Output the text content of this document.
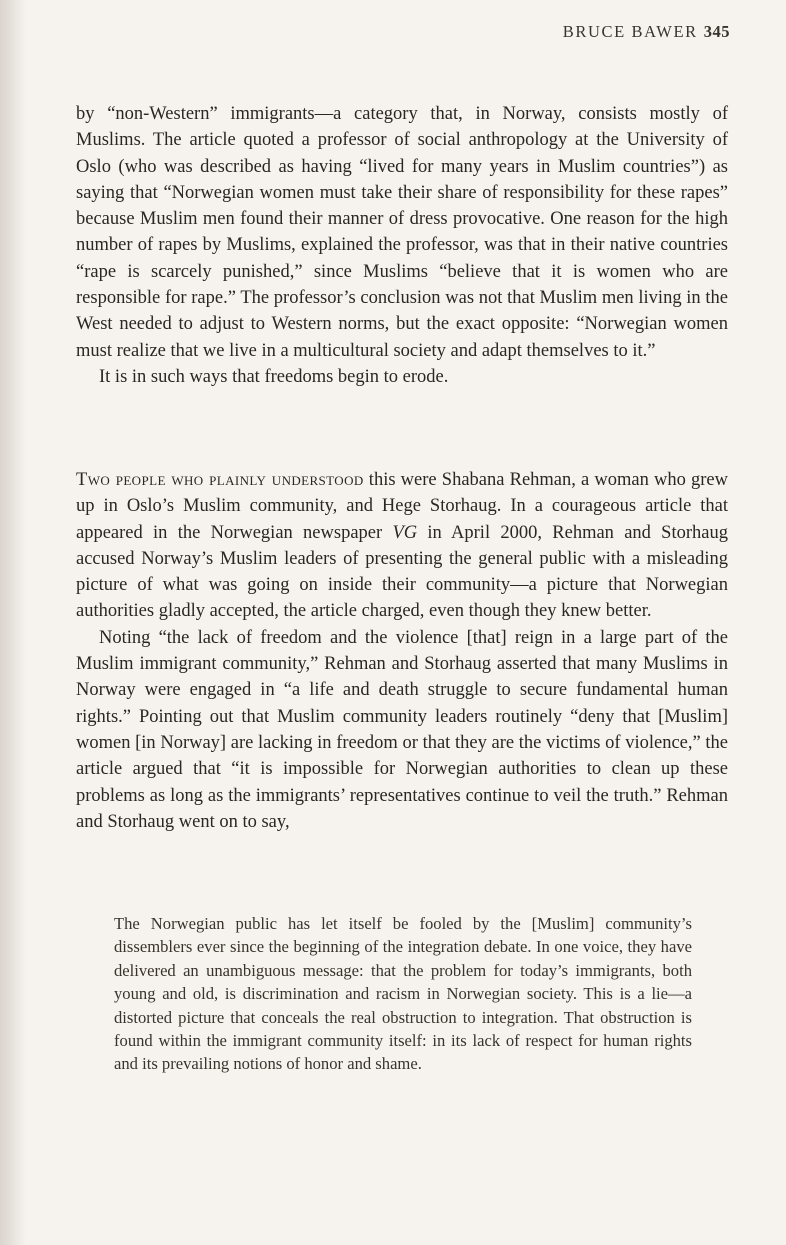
BRUCE BAWER 345

by “non-Western” immigrants—a category that, in Norway, consists mostly of Muslims. The article quoted a professor of social anthropology at the University of Oslo (who was described as having “lived for many years in Muslim countries”) as saying that “Norwegian women must take their share of responsibility for these rapes” because Muslim men found their manner of dress provocative. One reason for the high number of rapes by Muslims, explained the professor, was that in their native countries “rape is scarcely punished,” since Muslims “believe that it is women who are responsible for rape.” The professor’s conclusion was not that Muslim men living in the West needed to adjust to Western norms, but the exact opposite: “Norwegian women must realize that we live in a multicultural society and adapt themselves to it.”

It is in such ways that freedoms begin to erode.

Two people who plainly understood this were Shabana Rehman, a woman who grew up in Oslo’s Muslim community, and Hege Storhaug. In a courageous article that appeared in the Norwegian newspaper VG in April 2000, Rehman and Storhaug accused Norway’s Muslim leaders of presenting the general public with a misleading picture of what was going on inside their community—a picture that Norwegian authorities gladly accepted, the article charged, even though they knew better.

Noting “the lack of freedom and the violence [that] reign in a large part of the Muslim immigrant community,” Rehman and Storhaug asserted that many Muslims in Norway were engaged in “a life and death struggle to secure fundamental human rights.” Pointing out that Muslim community leaders routinely “deny that [Muslim] women [in Norway] are lacking in freedom or that they are the victims of violence,” the article argued that “it is impossible for Norwegian authorities to clean up these problems as long as the immigrants’ representatives continue to veil the truth.” Rehman and Storhaug went on to say,

The Norwegian public has let itself be fooled by the [Muslim] community’s dissemblers ever since the beginning of the integration debate. In one voice, they have delivered an unambiguous message: that the problem for today’s immigrants, both young and old, is discrimination and racism in Norwegian society. This is a lie—a distorted picture that conceals the real obstruction to integration. That obstruction is found within the immigrant community itself: in its lack of respect for human rights and its prevailing notions of honor and shame.
